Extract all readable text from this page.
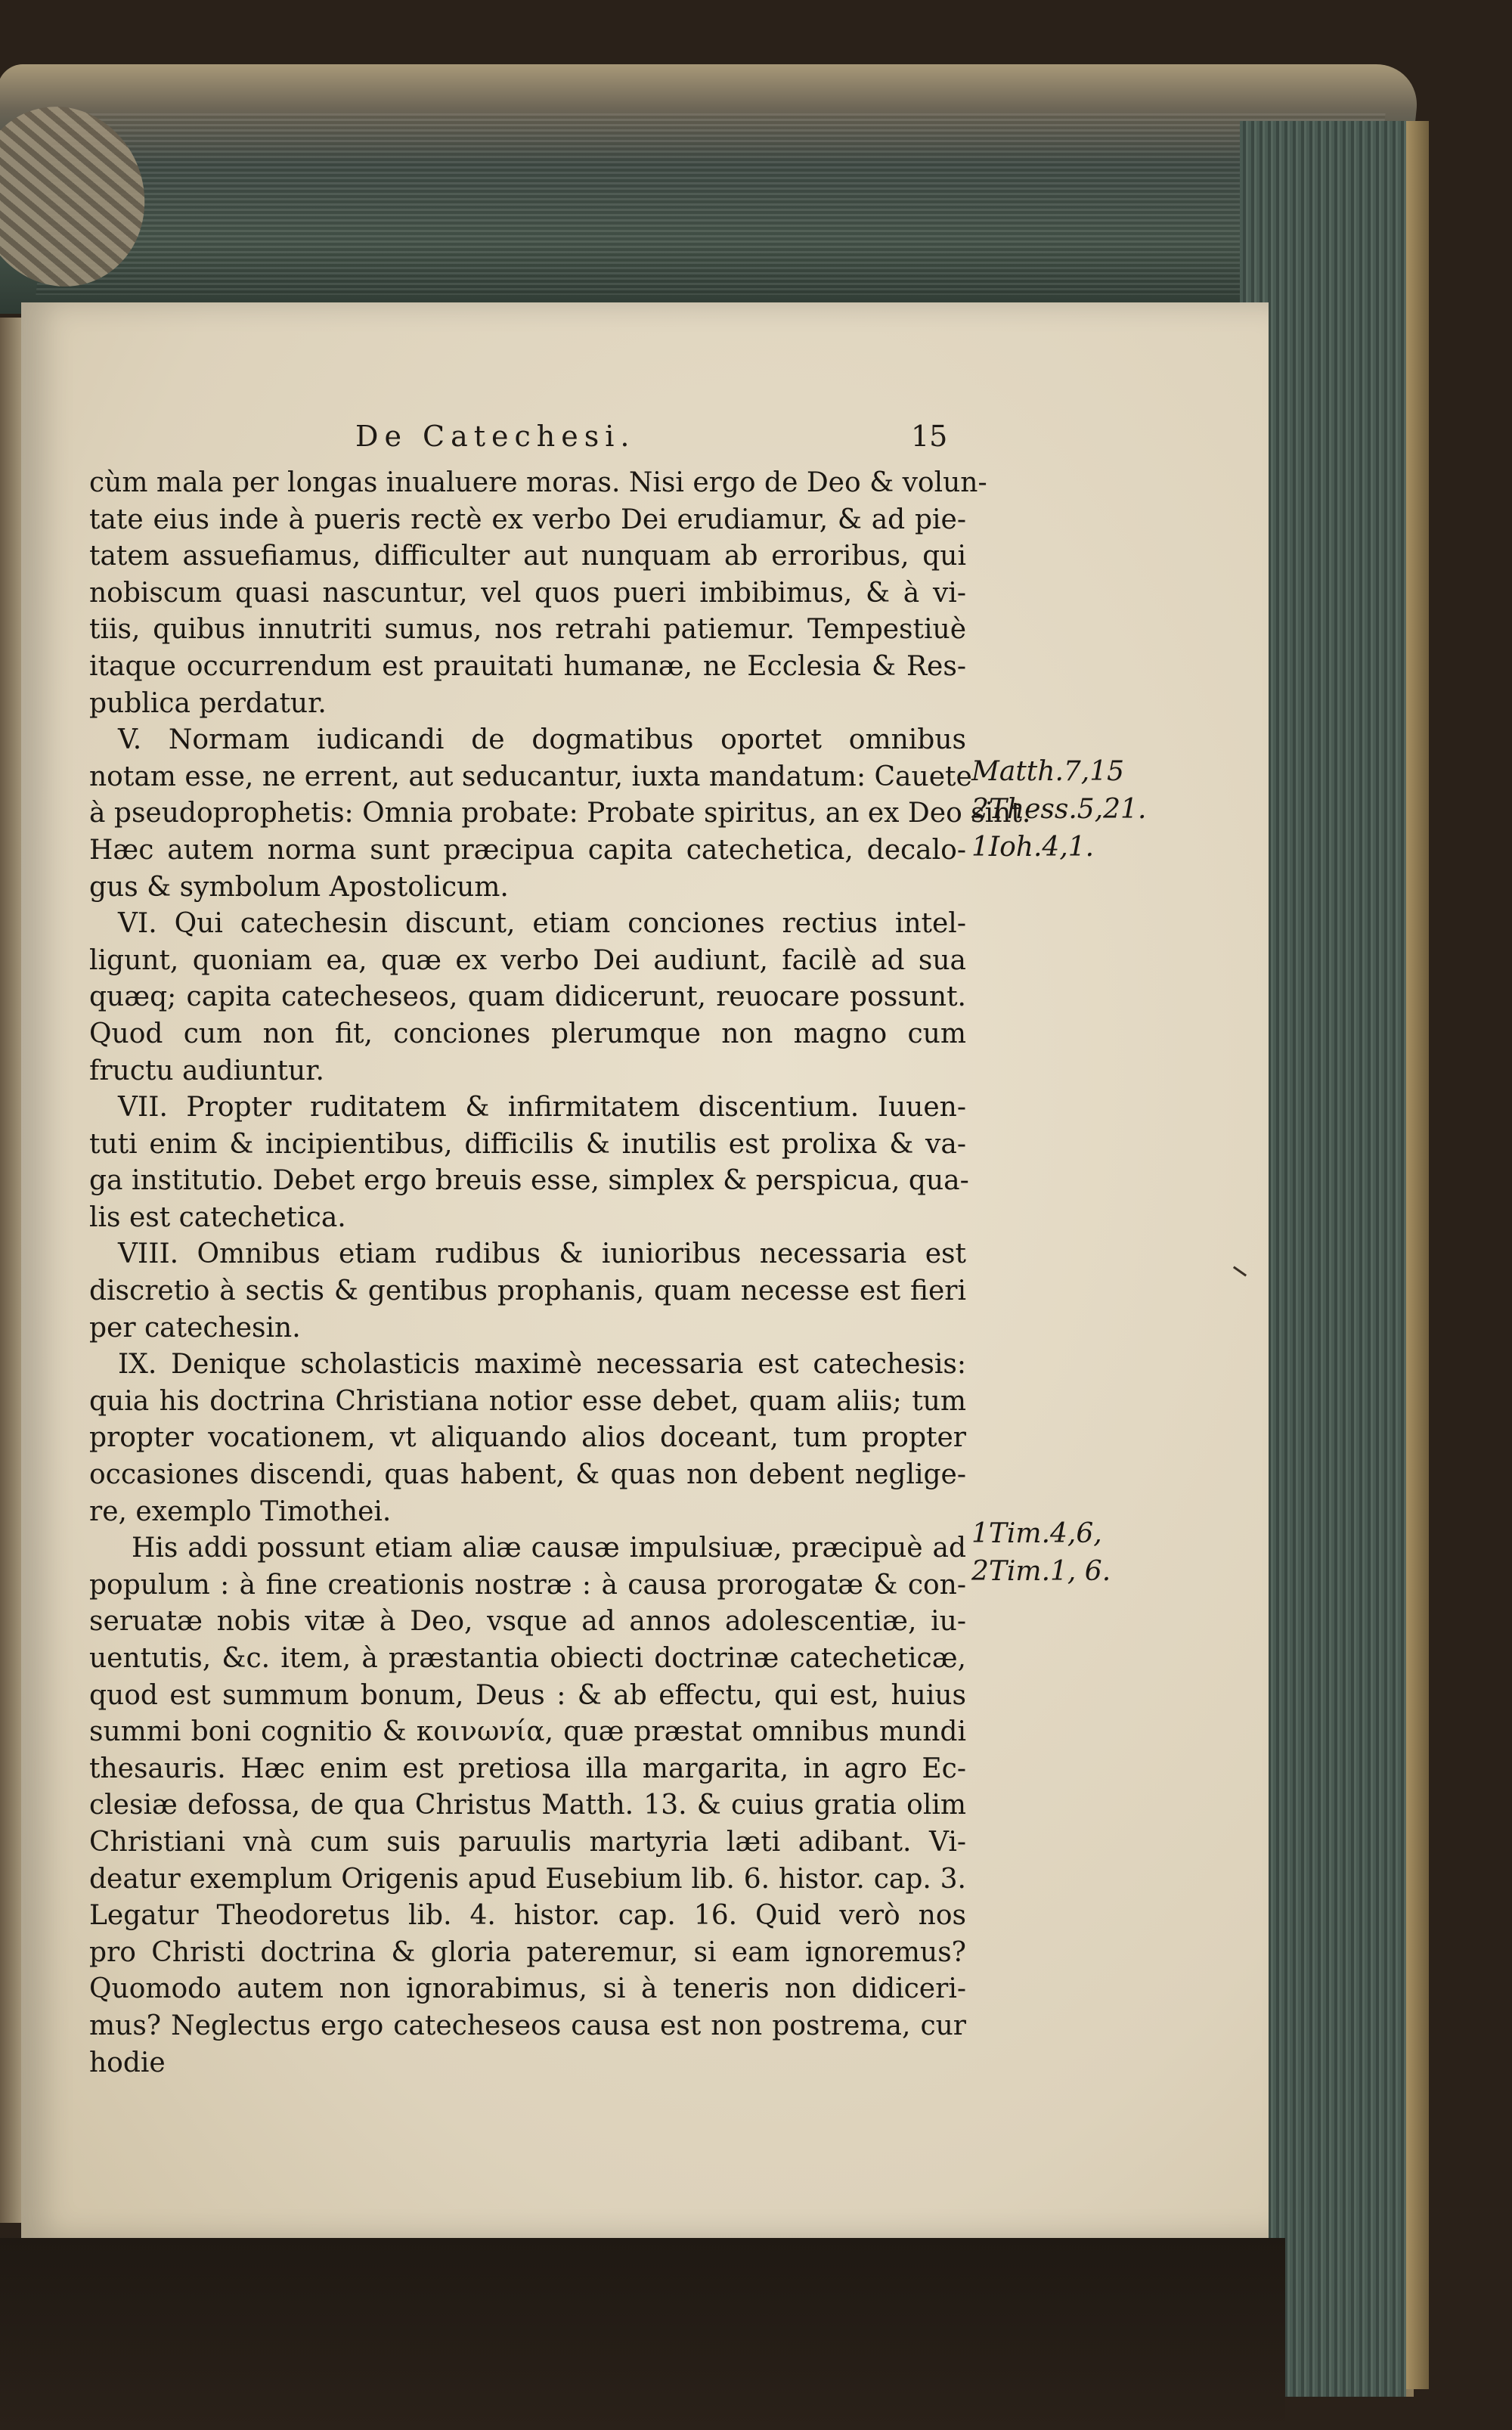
De Catechesi.	15
cùm mala per longas inualuere moras. Nisi ergo de Deo & volun-
tate eius inde à pueris rectè ex verbo Dei erudiamur, & ad pie-
tatem assuefiamus, difficulter aut nunquam ab erroribus, qui
nobiscum quasi nascuntur, vel quos pueri imbibimus, & à vi-
tiis, quibus innutriti sumus, nos retrahi patiemur. Tempestiuè
itaque occurrendum est prauitati humanæ, ne Ecclesia & Res-
publica perdatur.
V. Normam iudicandi de dogmatibus oportet omnibus
notam esse, ne errent, aut seducantur, iuxta mandatum: Cauete
à pseudoprophetis: Omnia probate: Probate spiritus, an ex Deo sint.
Hæc autem norma sunt præcipua capita catechetica, decalo-
gus & symbolum Apostolicum.
VI. Qui catechesin discunt, etiam conciones rectius intel-
ligunt, quoniam ea, quæ ex verbo Dei audiunt, facilè ad sua
quæq; capita catecheseos, quam didicerunt, reuocare possunt.
Quod cum non fit, conciones plerumque non magno cum
fructu audiuntur.
VII. Propter ruditatem & infirmitatem discentium. Iuuen-
tuti enim & incipientibus, difficilis & inutilis est prolixa & va-
ga institutio. Debet ergo breuis esse, simplex & perspicua, qua-
lis est catechetica.
VIII. Omnibus etiam rudibus & iunioribus necessaria est
discretio à sectis & gentibus prophanis, quam necesse est fieri
per catechesin.
IX. Denique scholasticis maximè necessaria est catechesis:
quia his doctrina Christiana notior esse debet, quam aliis; tum
propter vocationem, vt aliquando alios doceant, tum propter
occasiones discendi, quas habent, & quas non debent neglige-
re, exemplo Timothei.
His addi possunt etiam aliæ causæ impulsiuæ, præcipuè ad
populum : à fine creationis nostræ : à causa prorogatæ & con-
seruatæ nobis vitæ à Deo, vsque ad annos adolescentiæ, iu-
uentutis, &c. item, à præstantia obiecti doctrinæ catecheticæ,
quod est summum bonum, Deus : & ab effectu, qui est, huius
summi boni cognitio & κοινωνία, quæ præstat omnibus mundi
thesauris. Hæc enim est pretiosa illa margarita, in agro Ec-
clesiæ defossa, de qua Christus Matth. 13. & cuius gratia olim
Christiani vnà cum suis paruulis martyria læti adibant. Vi-
deatur exemplum Origenis apud Eusebium lib. 6. histor. cap. 3.
Legatur Theodoretus lib. 4. histor. cap. 16. Quid verò nos
pro Christi doctrina & gloria pateremur, si eam ignoremus?
Quomodo autem non ignorabimus, si à teneris non didiceri-
mus? Neglectus ergo catecheseos causa est non postrema, cur
hodie
Matth.7,15
2Thess.5,21.
1Ioh.4,1.
1Tim.4,6,
2Tim.1, 6.
